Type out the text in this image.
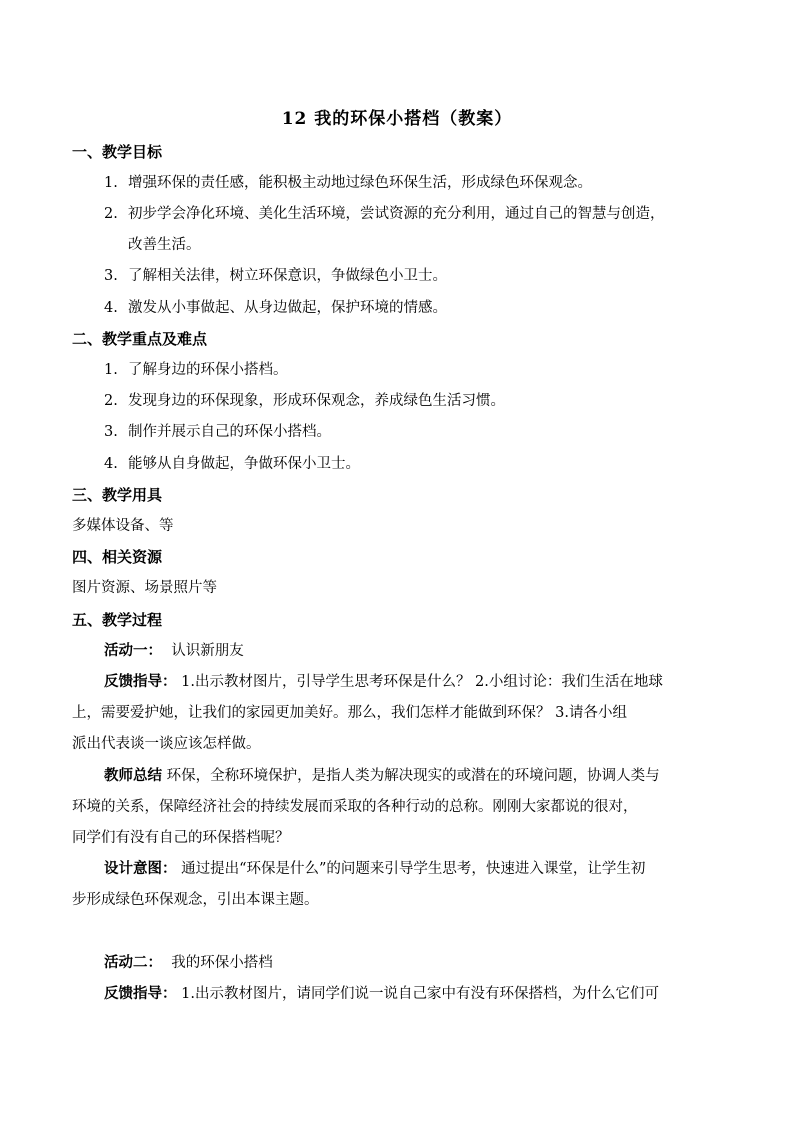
12 我的环保小搭档（教案）
一、教学目标
1. 增强环保的责任感，能积极主动地过绿色环保生活，形成绿色环保观念。
2. 初步学会净化环境、美化生活环境，尝试资源的充分利用，通过自己的智慧与创造，
改善生活。
3. 了解相关法律，树立环保意识，争做绿色小卫士。
4. 激发从小事做起、从身边做起，保护环境的情感。
二、教学重点及难点
1. 了解身边的环保小搭档。
2. 发现身边的环保现象，形成环保观念，养成绿色生活习惯。
3. 制作并展示自己的环保小搭档。
4. 能够从自身做起，争做环保小卫士。
三、教学用具
多媒体设备、等
四、相关资源
图片资源、场景照片等
五、教学过程
活动一： 认识新朋友
反馈指导： 1.出示教材图片，引导学生思考环保是什么？ 2.小组讨论：我们生活在地球
上，需要爱护她，让我们的家园更加美好。那么，我们怎样才能做到环保？ 3.请各小组
派出代表谈一谈应该怎样做。
教师总结 环保，全称环境保护，是指人类为解决现实的或潜在的环境问题，协调人类与
环境的关系，保障经济社会的持续发展而采取的各种行动的总称。刚刚大家都说的很对，
同学们有没有自己的环保搭档呢？
设计意图： 通过提出“环保是什么”的问题来引导学生思考，快速进入课堂，让学生初
步形成绿色环保观念，引出本课主题。
活动二： 我的环保小搭档
反馈指导： 1.出示教材图片，请同学们说一说自己家中有没有环保搭档，为什么它们可
